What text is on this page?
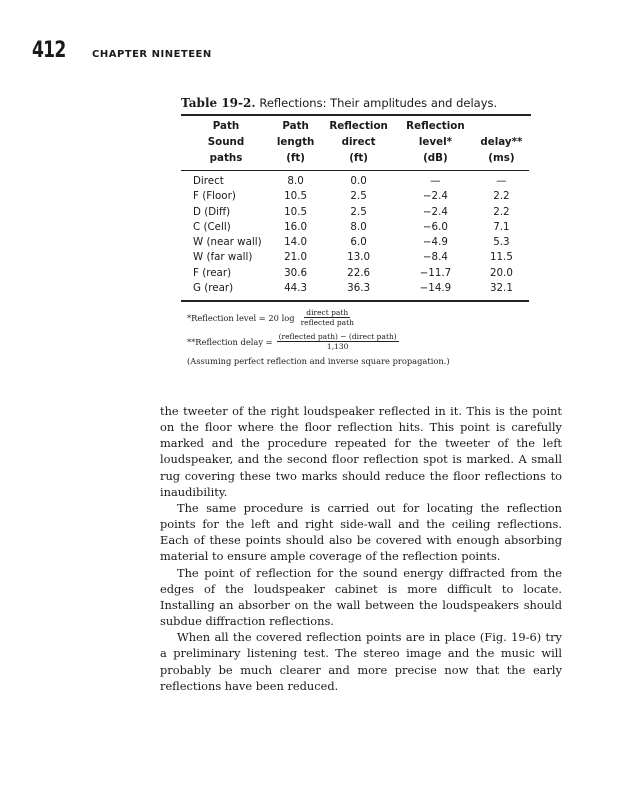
412	CHAPTER NINETEEN
Table 19-2. Reflections: Their amplitudes and delays.
Path	Path	Reflection	Reflection	
Sound	length	direct	level*	delay**
paths	(ft)	(ft)	(dB)	(ms)
Direct	8.0	0.0	—	—
F (Floor)	10.5	2.5	−2.4	2.2
D (Diff)	10.5	2.5	−2.4	2.2
C (Cell)	16.0	8.0	−6.0	7.1
W (near wall)	14.0	6.0	−4.9	5.3
W (far wall)	21.0	13.0	−8.4	11.5
F (rear)	30.6	22.6	−11.7	20.0
G (rear)	44.3	36.3	−14.9	32.1
*Reflection level = 20 $\log \frac{\text{direct path}}{\text{reflected path}}$
**Reflection delay = $\frac{\text{(reflected path) − (direct path)}}{1,130}$
(Assuming perfect reflection and inverse square propagation.)

the tweeter of the right loudspeaker reflected in it. This is the point on the floor where the floor reflection hits. This point is carefully marked and the procedure repeated for the tweeter of the left loudspeaker, and the second floor reflection spot is marked. A small rug covering these two marks should reduce the floor reflections to inaudibility.

The same procedure is carried out for locating the reflection points for the left and right side-wall and the ceiling reflections. Each of these points should also be covered with enough absorbing material to ensure ample coverage of the reflection points.

The point of reflection for the sound energy diffracted from the edges of the loudspeaker cabinet is more difficult to locate. Installing an absorber on the wall between the loudspeakers should subdue diffraction reflections.

When all the covered reflection points are in place (Fig. 19-6) try a preliminary listening test. The stereo image and the music will probably be much clearer and more precise now that the early reflections have been reduced.
